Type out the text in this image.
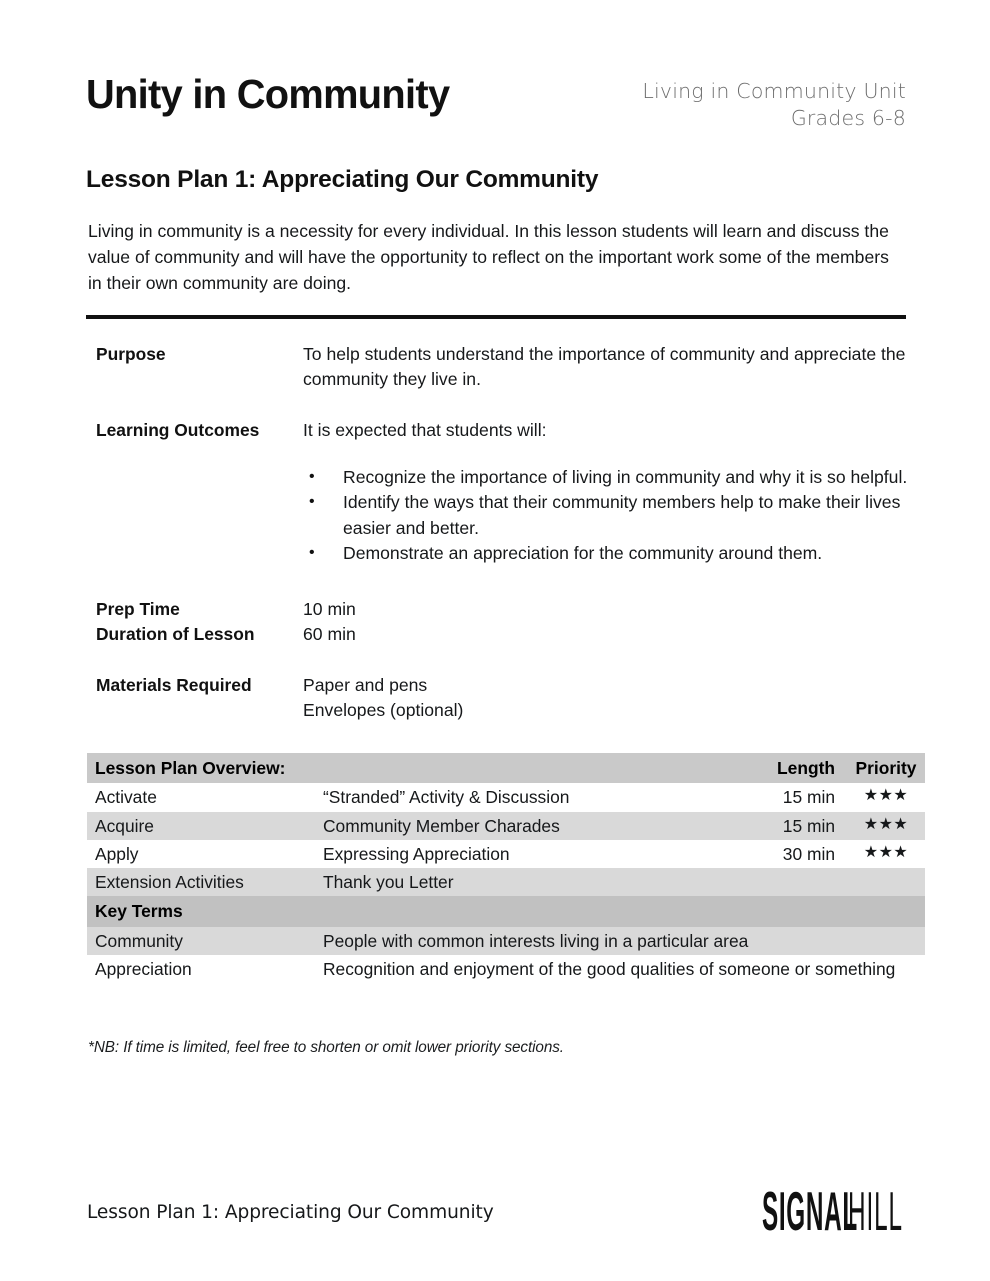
Unity in Community	Living in Community Unit
Grades 6-8
Lesson Plan 1: Appreciating Our Community
Living in community is a necessity for every individual. In this lesson students will learn and discuss the value of community and will have the opportunity to reflect on the important work some of the members in their own community are doing.
Purpose	To help students understand the importance of community and appreciate the community they live in.
Learning Outcomes	It is expected that students will:
•	Recognize the importance of living in community and why it is so helpful.
•	Identify the ways that their community members help to make their lives easier and better.
•	Demonstrate an appreciation for the community around them.
Prep Time	10 min
Duration of Lesson	60 min
Materials Required	Paper and pens
Envelopes (optional)
Lesson Plan Overview:		Length	Priority
Activate	“Stranded” Activity & Discussion	15 min	★★★
Acquire	Community Member Charades	15 min	★★★
Apply	Expressing Appreciation	30 min	★★★
Extension Activities	Thank you Letter		
Key Terms			
Community	People with common interests living in a particular area		
Appreciation	Recognition and enjoyment of the good qualities of someone or something		
*NB: If time is limited, feel free to shorten or omit lower priority sections.
Lesson Plan 1: Appreciating Our Community	SIGNAL
HILL
